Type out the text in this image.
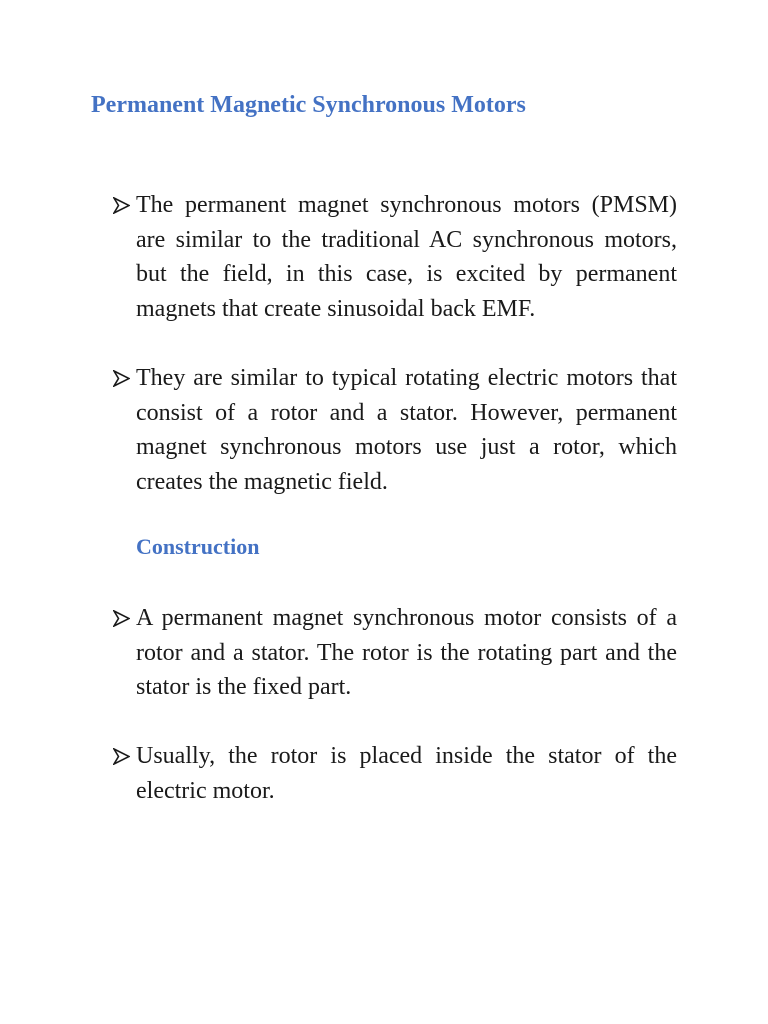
Permanent Magnetic Synchronous Motors

The permanent magnet synchronous motors (PMSM) are similar to the traditional AC synchronous motors, but the field, in this case, is excited by permanent magnets that create sinusoidal back EMF.

They are similar to typical rotating electric motors that consist of a rotor and a stator. However, permanent magnet synchronous motors use just a rotor, which creates the magnetic field.

Construction

A permanent magnet synchronous motor consists of a rotor and a stator. The rotor is the rotating part and the stator is the fixed part.

Usually, the rotor is placed inside the stator of the electric motor.
